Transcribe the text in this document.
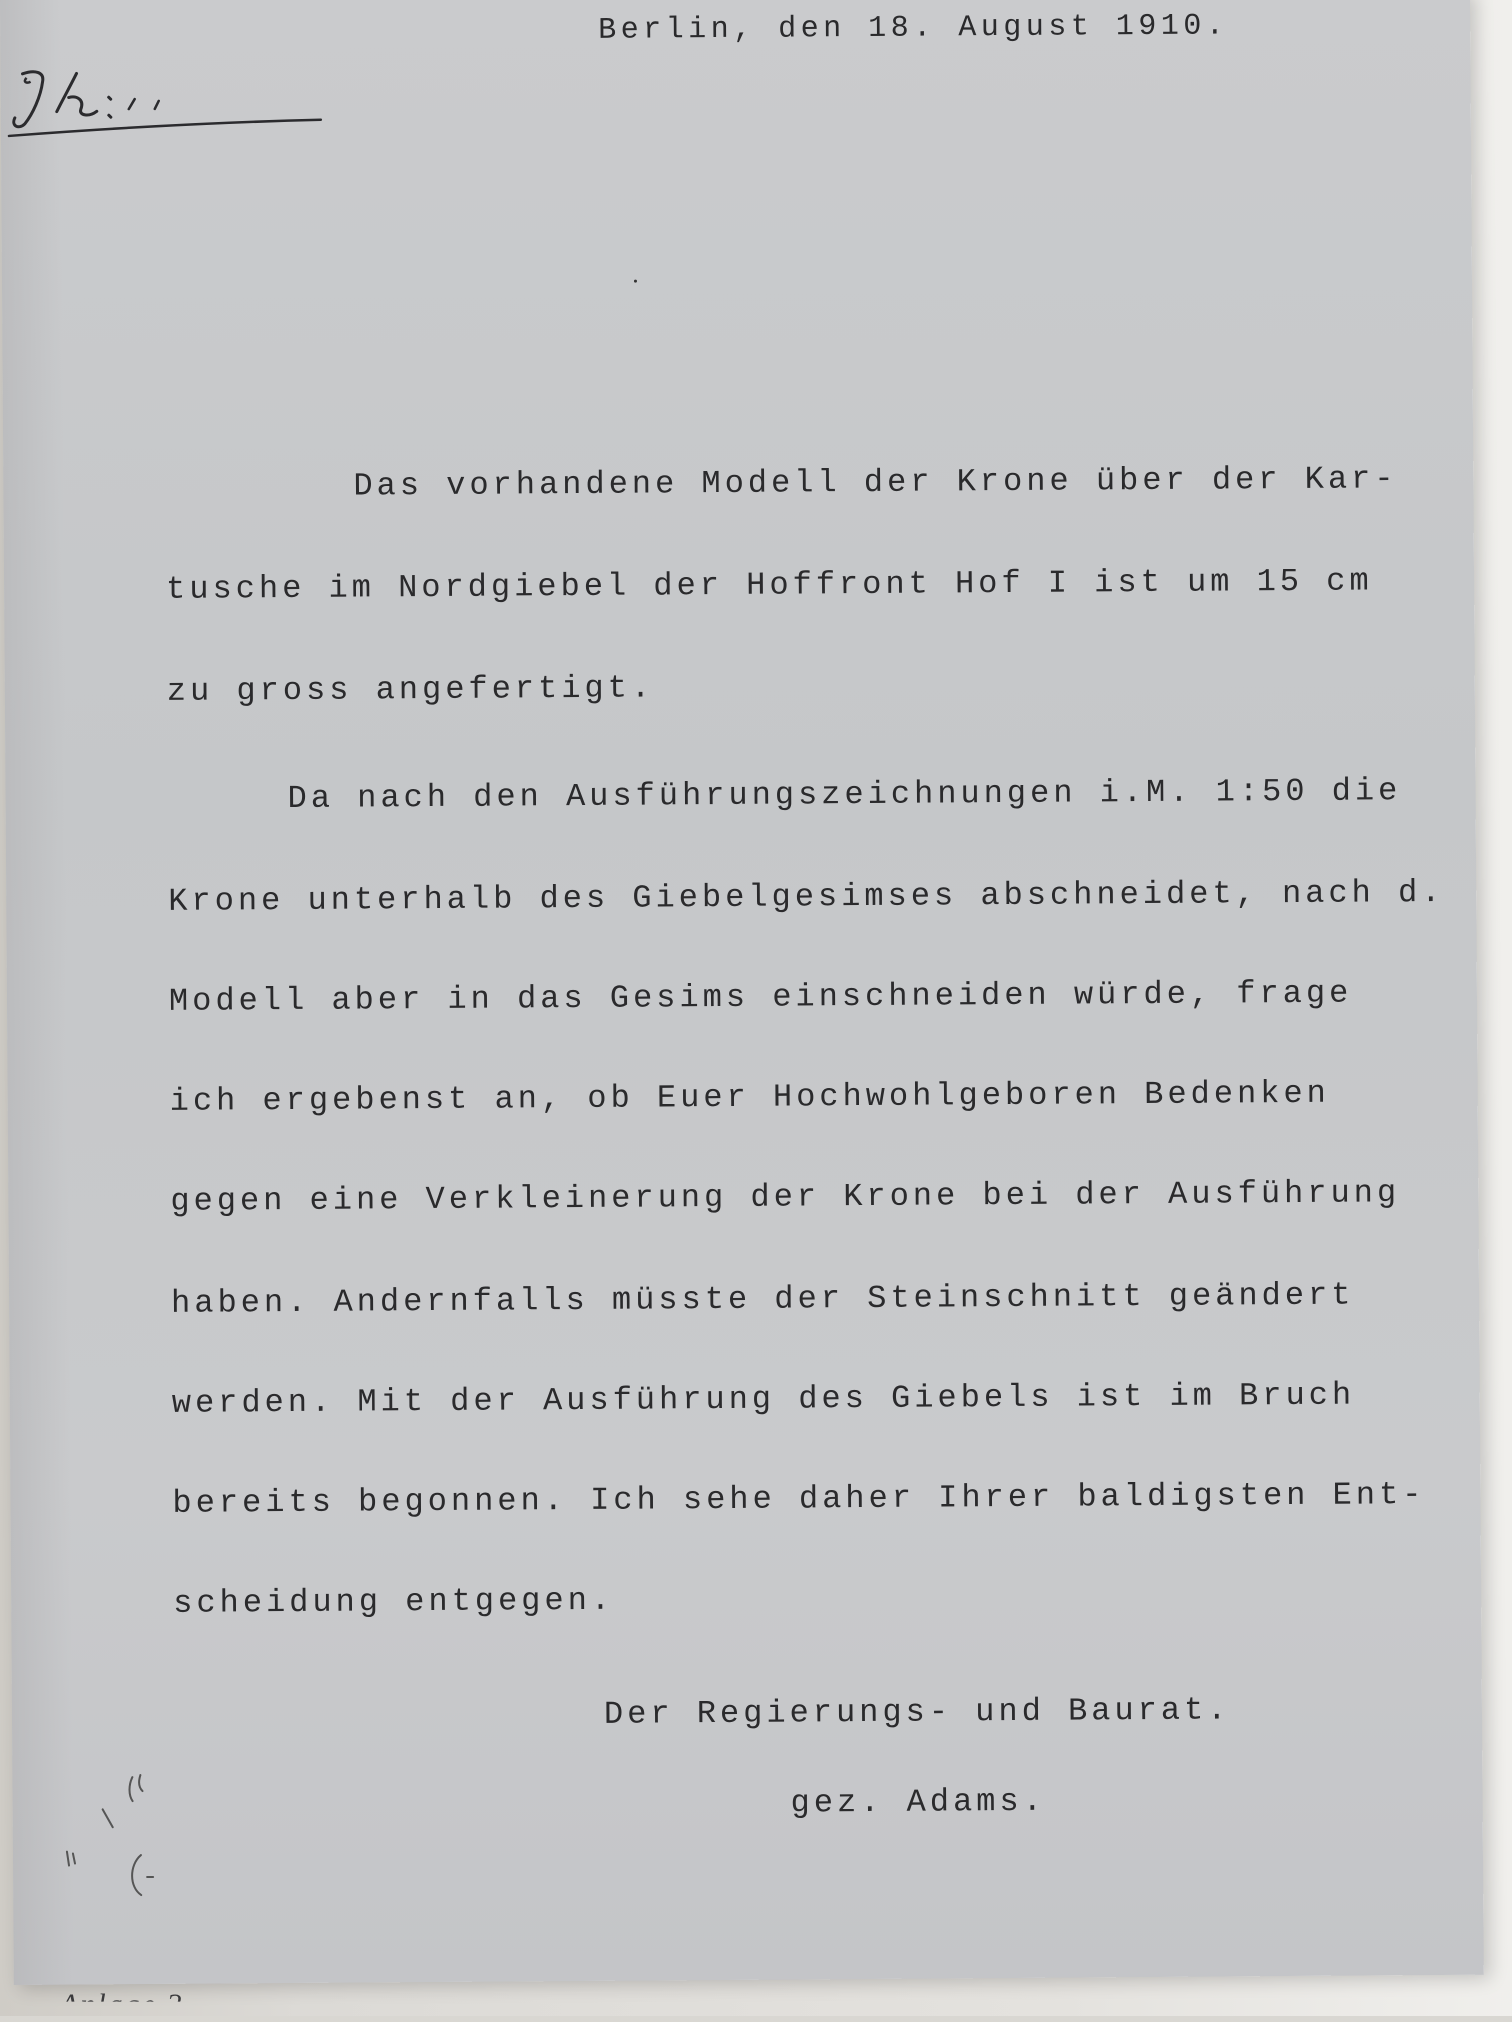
Berlin, den 18. August 1910.
Das vorhandene Modell der Krone über der Kar-
tusche im Nordgiebel der Hoffront Hof I ist um 15 cm
zu gross angefertigt.
Da nach den Ausführungszeichnungen i.M. 1:50 die
Krone unterhalb des Giebelgesimses abschneidet, nach d.
Modell aber in das Gesims einschneiden würde, frage
ich ergebenst an, ob Euer Hochwohlgeboren Bedenken
gegen eine Verkleinerung der Krone bei der Ausführung
haben. Andernfalls müsste der Steinschnitt geändert
werden. Mit der Ausführung des Giebels ist im Bruch
bereits begonnen. Ich sehe daher Ihrer baldigsten Ent-
scheidung entgegen.
Der Regierungs- und Baurat.
gez. Adams.
